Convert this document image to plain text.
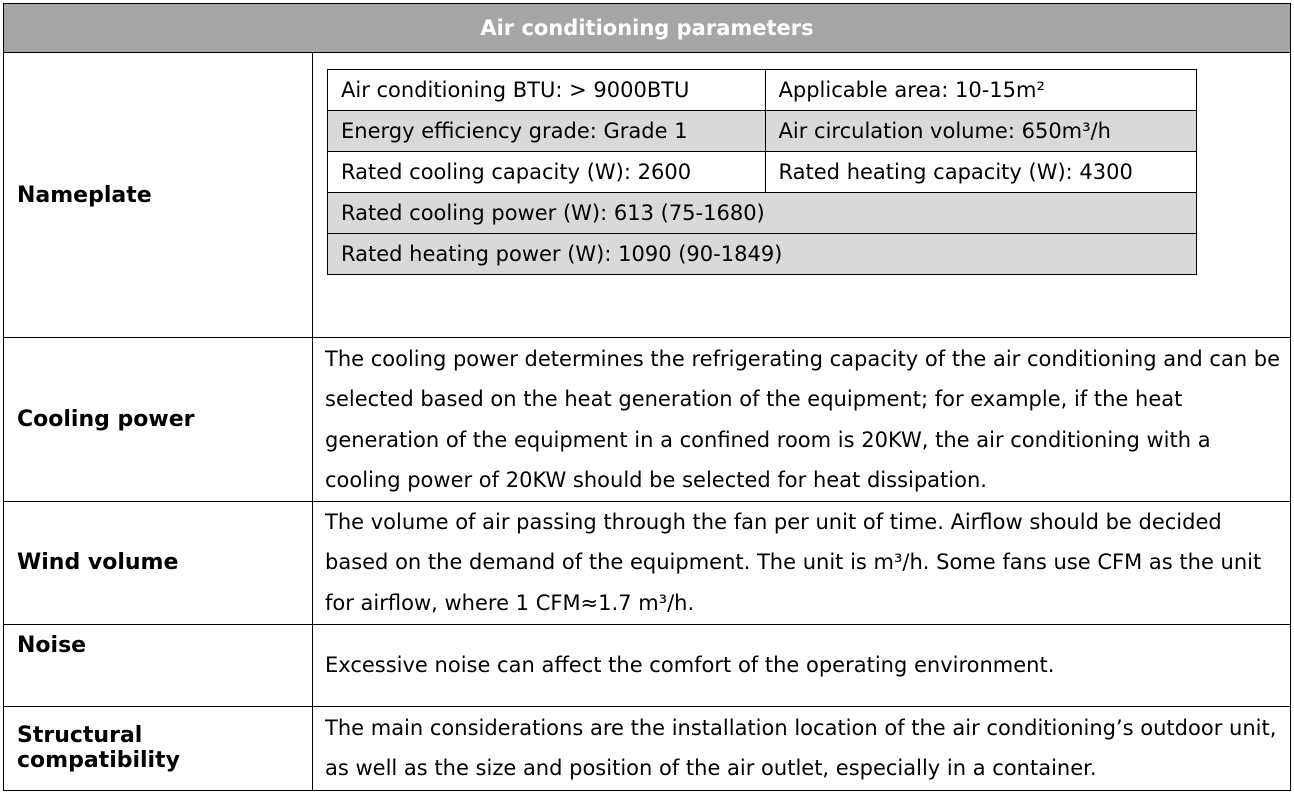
Air conditioning parameters
Nameplate	
Air conditioning BTU: > 9000BTU	Applicable area: 10-15m²
Energy efficiency grade: Grade 1	Air circulation volume: 650m³/h
Rated cooling capacity (W): 2600	Rated heating capacity (W): 4300
Rated cooling power (W): 613 (75-1680)
Rated heating power (W): 1090 (90-1849)

Cooling power	The cooling power determines the refrigerating capacity of the air conditioning and can be selected based on the heat generation of the equipment; for example, if the heat generation of the equipment in a confined room is 20KW, the air conditioning with a cooling power of 20KW should be selected for heat dissipation.
Wind volume	The volume of air passing through the fan per unit of time. Airflow should be decided based on the demand of the equipment. The unit is m³/h. Some fans use CFM as the unit for airflow, where 1 CFM≈1.7 m³/h.
Noise	Excessive noise can affect the comfort of the operating environment.
Structural compatibility	The main considerations are the installation location of the air conditioning’s outdoor unit, as well as the size and position of the air outlet, especially in a container.
